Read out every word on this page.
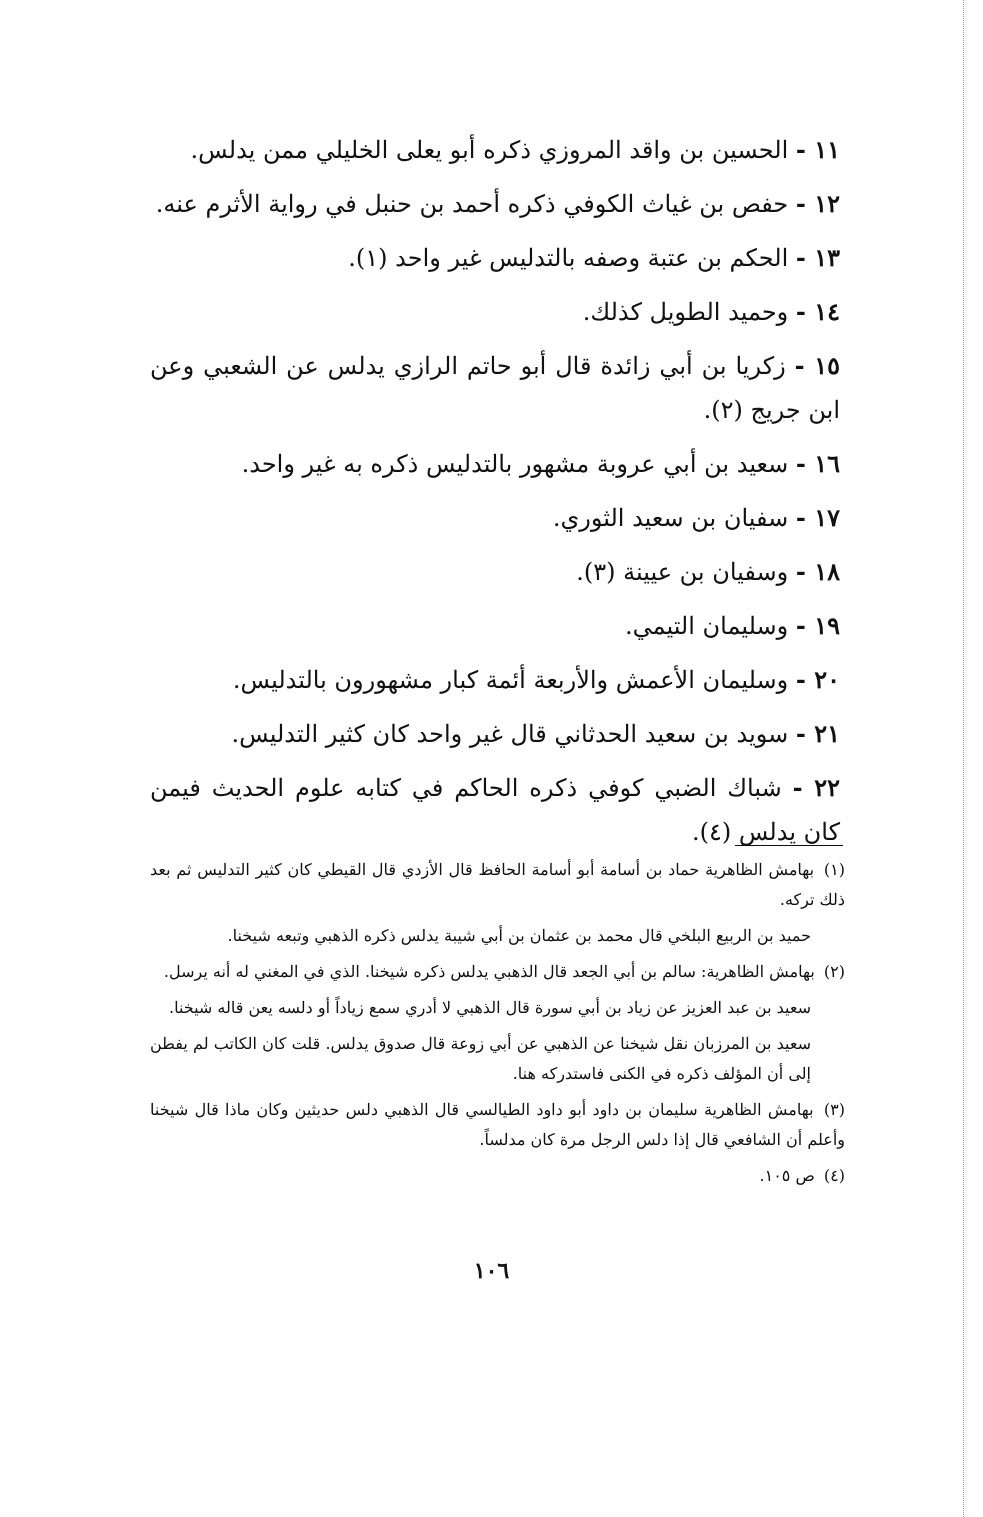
١١ - الحسين بن واقد المروزي ذكره أبو يعلى الخليلي ممن يدلس.

١٢ - حفص بن غياث الكوفي ذكره أحمد بن حنبل في رواية الأثرم عنه.

١٣ - الحكم بن عتبة وصفه بالتدليس غير واحد (١).

١٤ - وحميد الطويل كذلك.

١٥ - زكريا بن أبي زائدة قال أبو حاتم الرازي يدلس عن الشعبي وعن ابن جريج (٢).

١٦ - سعيد بن أبي عروبة مشهور بالتدليس ذكره به غير واحد.

١٧ - سفيان بن سعيد الثوري.

١٨ - وسفيان بن عيينة (٣).

١٩ - وسليمان التيمي.

٢٠ - وسليمان الأعمش والأربعة أئمة كبار مشهورون بالتدليس.

٢١ - سويد بن سعيد الحدثاني قال غير واحد كان كثير التدليس.

٢٢ - شباك الضبي كوفي ذكره الحاكم في كتابه علوم الحديث فيمن كان يدلس (٤).

(١) بهامش الظاهرية حماد بن أسامة أبو أسامة الحافظ قال الأزدي قال القيطي كان كثير التدليس ثم بعد ذلك تركه.

حميد بن الربيع البلخي قال محمد بن عثمان بن أبي شيبة يدلس ذكره الذهبي وتبعه شيخنا.

(٢) بهامش الظاهرية: سالم بن أبي الجعد قال الذهبي يدلس ذكره شيخنا. الذي في المغني له أنه يرسل.

سعيد بن عبد العزيز عن زياد بن أبي سورة قال الذهبي لا أدري سمع زياداً أو دلسه يعن قاله شيخنا.

سعيد بن المرزبان نقل شيخنا عن الذهبي عن أبي زوعة قال صدوق يدلس. قلت كان الكاتب لم يفطن إلى أن المؤلف ذكره في الكنى فاستدركه هنا.

(٣) بهامش الظاهرية سليمان بن داود أبو داود الطيالسي قال الذهبي دلس حديثين وكان ماذا قال شيخنا وأعلم أن الشافعي قال إذا دلس الرجل مرة كان مدلساً.

(٤) ص ١٠٥.

١٠٦
